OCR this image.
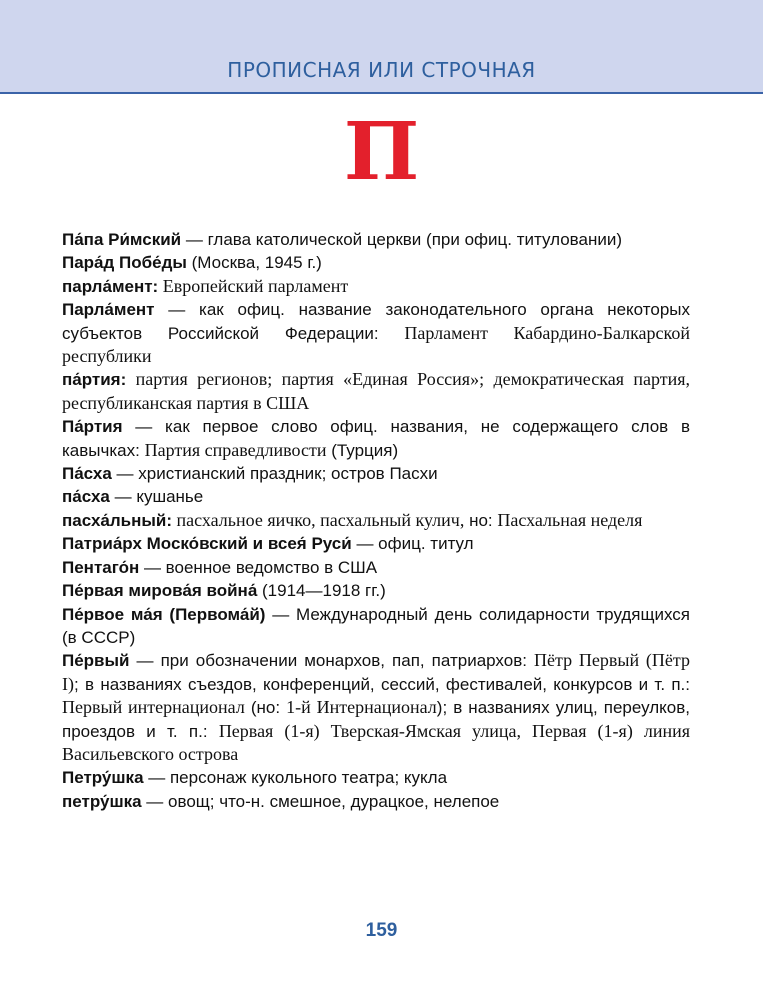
ПРОПИСНАЯ ИЛИ СТРОЧНАЯ
П

Па́па Ри́мский — глава католической церкви (при офиц. титуловании)

Пара́д Побе́ды (Москва, 1945 г.)

парла́мент: Европейский парламент

Парла́мент — как офиц. название законодательного органа некоторых субъектов Российской Федерации: Парламент Кабардино-Балкарской республики

па́ртия: партия регионов; партия «Единая Россия»; демократическая партия, республиканская партия в США

Па́ртия — как первое слово офиц. названия, не содержащего слов в кавычках: Партия справедливости (Турция)

Па́сха — христианский праздник; остров Пасхи

па́сха — кушанье

пасха́льный: пасхальное яичко, пасхальный кулич, но: Пасхальная неделя

Патриа́рх Моско́вский и всея́ Руси́ — офиц. титул

Пентаго́н — военное ведомство в США

Пе́рвая мирова́я война́ (1914—1918 гг.)

Пе́рвое ма́я (Первома́й) — Международный день солидарности трудящихся (в СССР)

Пе́рвый — при обозначении монархов, пап, патриархов: Пётр Первый (Пётр I); в названиях съездов, конференций, сессий, фестивалей, конкурсов и т. п.: Первый интернационал (но: 1-й Интернационал); в названиях улиц, переулков, проездов и т. п.: Первая (1-я) Тверская-Ямская улица, Первая (1-я) линия Васильевского острова

Петру́шка — персонаж кукольного театра; кукла

петру́шка — овощ; что-н. смешное, дурацкое, нелепое

159
